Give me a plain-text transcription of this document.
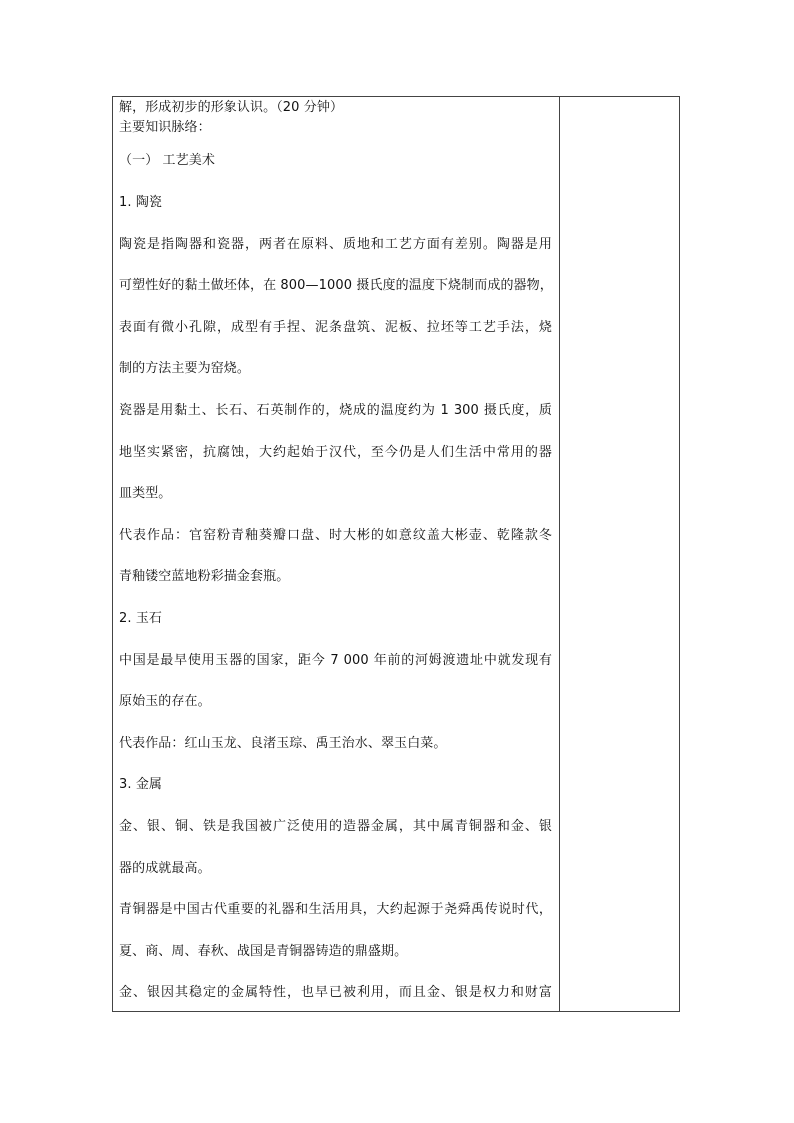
解，形成初步的形象认识。（20 分钟）
主要知识脉络：
（一） 工艺美术
1. 陶瓷
陶瓷是指陶器和瓷器，两者在原料、质地和工艺方面有差别。陶器是用
可塑性好的黏土做坯体，在 800—1000 摄氏度的温度下烧制而成的器物，
表面有微小孔隙，成型有手捏、泥条盘筑、泥板、拉坯等工艺手法，烧
制的方法主要为窑烧。
瓷器是用黏土、长石、石英制作的，烧成的温度约为 1 300 摄氏度，质
地坚实紧密，抗腐蚀，大约起始于汉代，至今仍是人们生活中常用的器
皿类型。
代表作品：官窑粉青釉葵瓣口盘、时大彬的如意纹盖大彬壶、乾隆款冬
青釉镂空蓝地粉彩描金套瓶。
2. 玉石
中国是最早使用玉器的国家，距今 7 000 年前的河姆渡遗址中就发现有
原始玉的存在。
代表作品：红山玉龙、良渚玉琮、禹王治水、翠玉白菜。
3. 金属
金、银、铜、铁是我国被广泛使用的造器金属，其中属青铜器和金、银
器的成就最高。
青铜器是中国古代重要的礼器和生活用具，大约起源于尧舜禹传说时代，
夏、商、周、春秋、战国是青铜器铸造的鼎盛期。
金、银因其稳定的金属特性，也早已被利用，而且金、银是权力和财富
